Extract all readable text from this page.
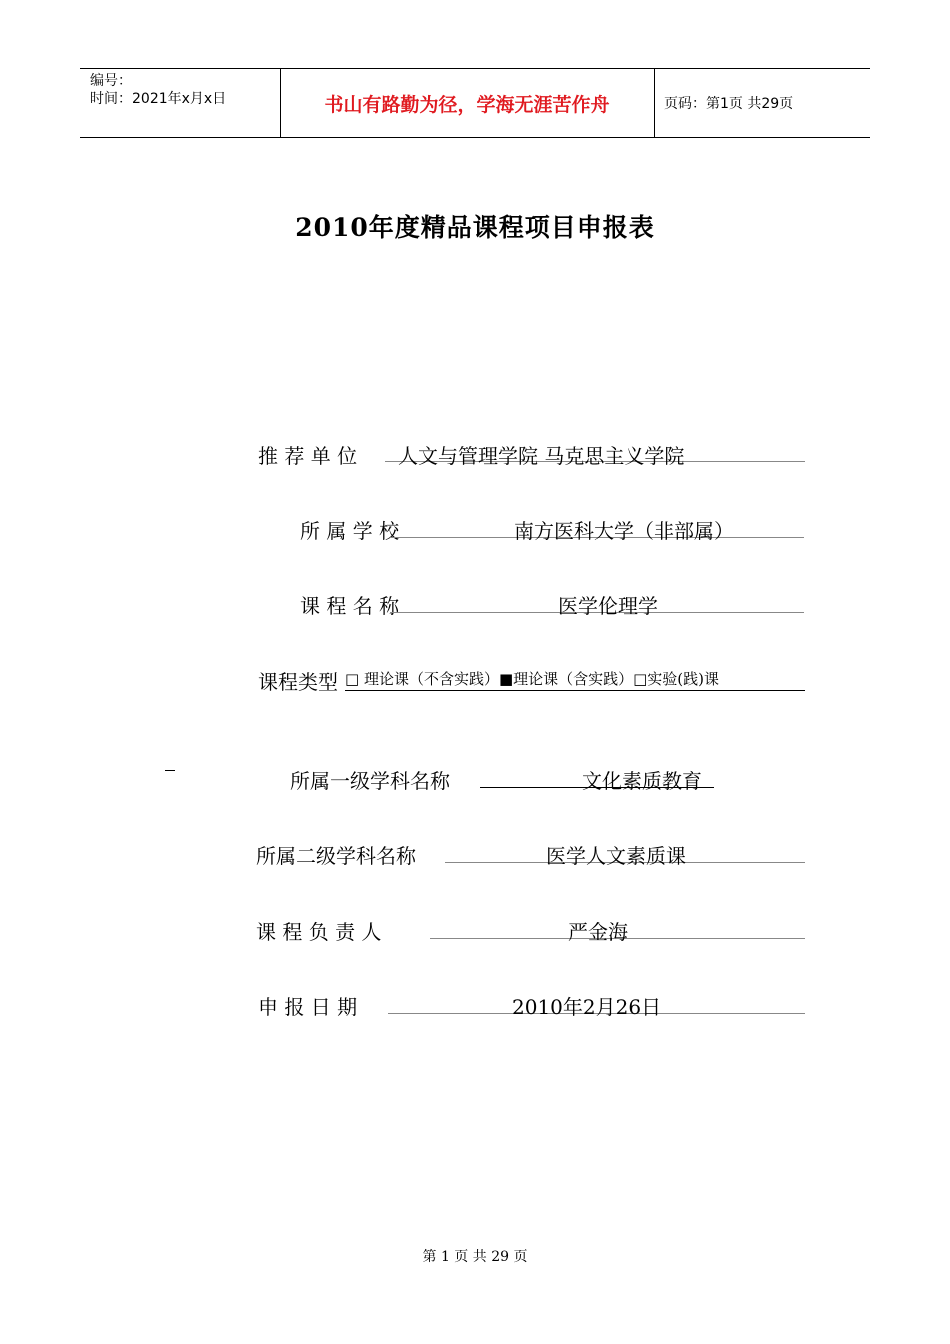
编号：
时间：2021年x月x日	书山有路勤为径，学海无涯苦作舟	页码：第1页 共29页
2010年度精品课程项目申报表
推 荐 单 位 人文与管理学院 马克思主义学院
所 属 学 校	南方医科大学（非部属）
课 程 名 称	医学伦理学
课程类型 □ 理论课（不含实践）■理论课（含实践）□实验(践)课
所属一级学科名称	文化素质教育
所属二级学科名称	医学人文素质课
课 程 负 责 人	严金海
申 报 日 期	2010年2月26日
第 1 页 共 29 页
